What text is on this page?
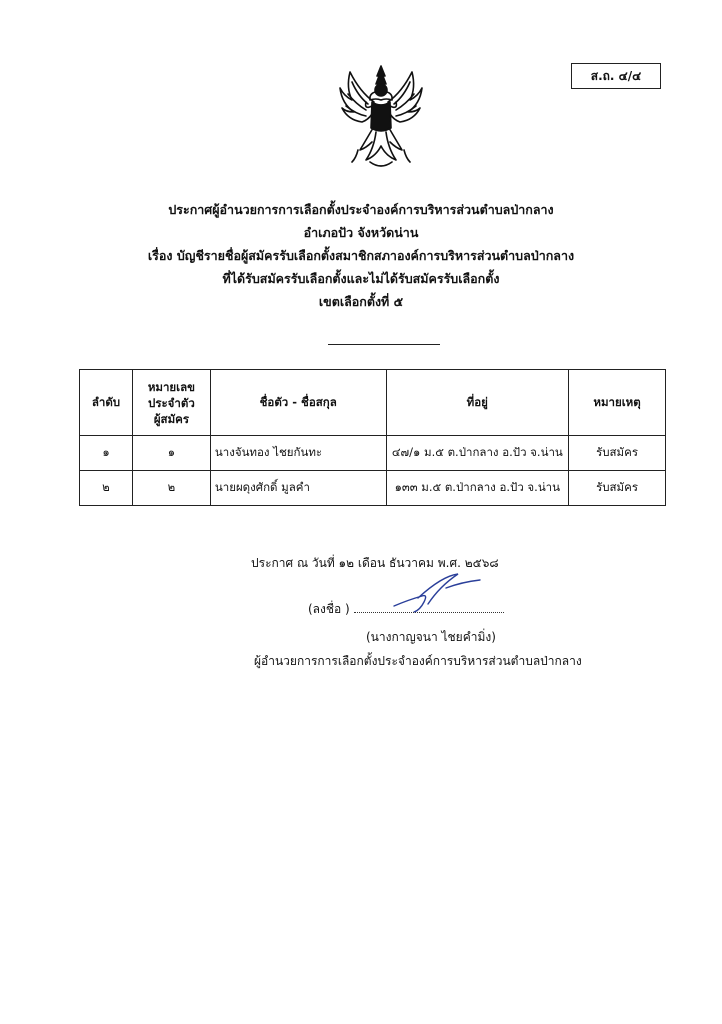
ส.ถ. ๔/๔
ประกาศผู้อำนวยการการเลือกตั้งประจำองค์การบริหารส่วนตำบลป่ากลาง
อำเภอปัว จังหวัดน่าน
เรื่อง บัญชีรายชื่อผู้สมัครรับเลือกตั้งสมาชิกสภาองค์การบริหารส่วนตำบลป่ากลาง
ที่ได้รับสมัครรับเลือกตั้งและไม่ได้รับสมัครรับเลือกตั้ง
เขตเลือกตั้งที่ ๕
ลำดับ	หมายเลข
ประจำตัว
ผู้สมัคร	ชื่อตัว - ชื่อสกุล	ที่อยู่	หมายเหตุ
๑	๑	นางจันทอง ไชยกันทะ	๔๗/๑ ม.๕ ต.ป่ากลาง อ.ปัว จ.น่าน	รับสมัคร
๒	๒	นายผดุงศักดิ์ มูลคำ	๑๓๓ ม.๕ ต.ป่ากลาง อ.ปัว จ.น่าน	รับสมัคร
ประกาศ ณ วันที่ ๑๒ เดือน ธันวาคม พ.ศ. ๒๕๖๘
(ลงชื่อ )
(นางกาญจนา ไชยคำมิ่ง)
ผู้อำนวยการการเลือกตั้งประจำองค์การบริหารส่วนตำบลป่ากลาง
